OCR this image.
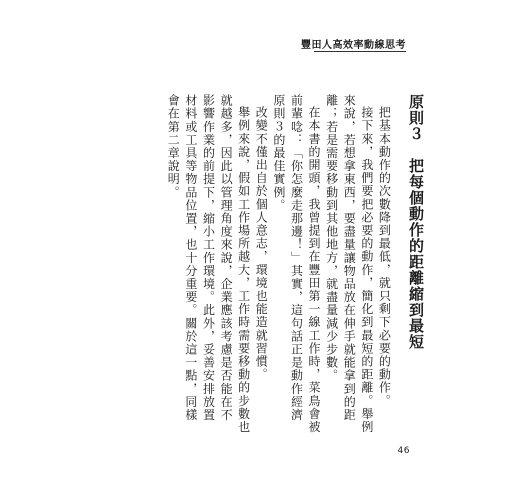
豐田人高效率動線思考
原則３　把每個動作的距離縮到最短

把基本動作的次數降到最低，就只剩下必要的動作。

接下來，我們要把必要的動作，簡化到最短的距離。舉例來說，若想拿東西，要盡量讓物品放在伸手就能拿到的距離；若是需要移動到其他地方，就盡量減少步數。

在本書的開頭，我曾提到在豐田第一線工作時，菜鳥會被前輩唸：「你怎麼走那邊！」其實，這句話正是動作經濟原則３的最佳實例。

改變不僅出自於個人意志，環境也能造就習慣。

舉例來說，假如工作場所越大，工作時需要移動的步數也就越多，因此以管理角度來說，企業應該考慮是否能在不影響作業的前提下，縮小工作環境。此外，妥善安排放置材料或工具等物品位置，也十分重要。關於這一點，同樣會在第二章說明。

46
